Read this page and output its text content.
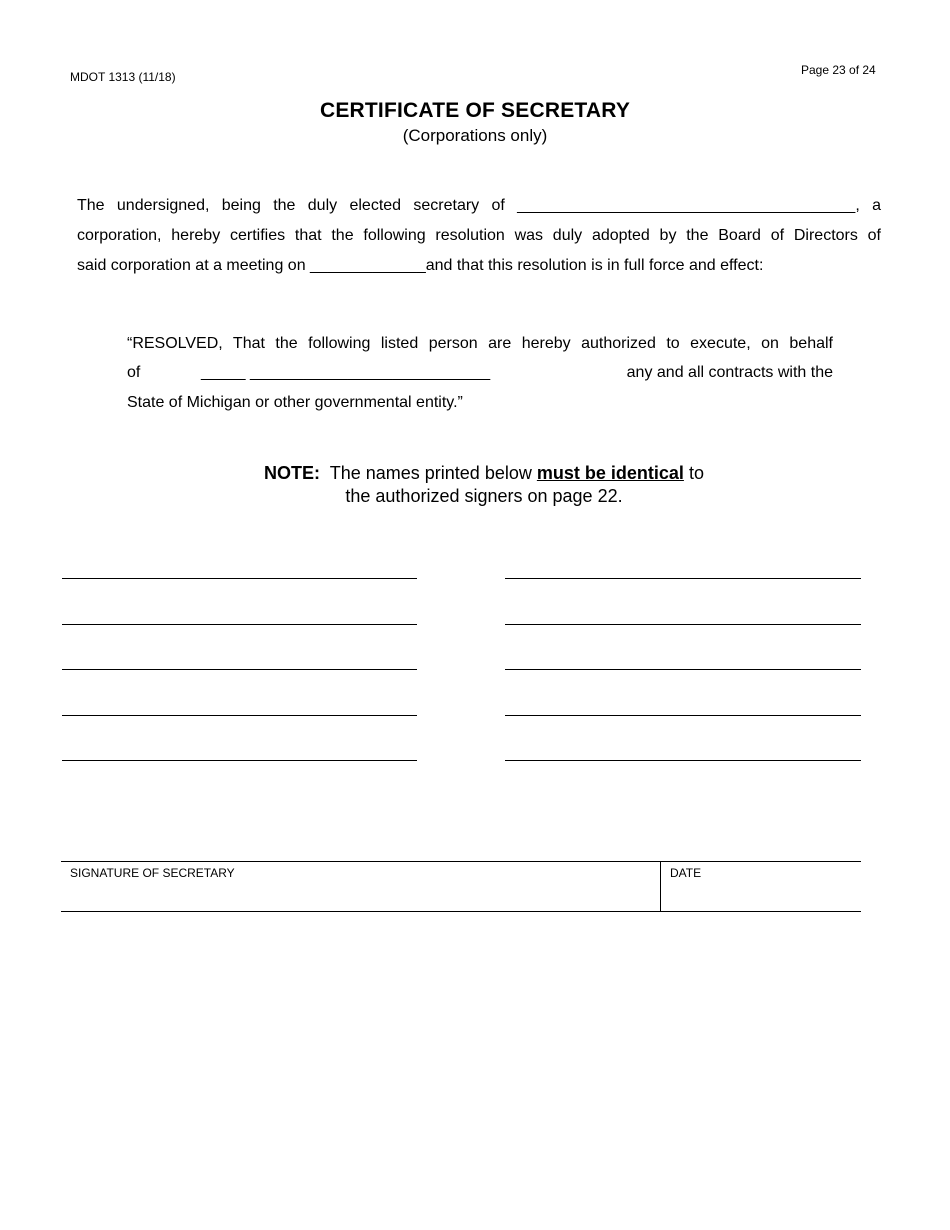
MDOT 1313 (11/18)	Page 23 of 24
CERTIFICATE OF SECRETARY
(Corporations only)
The undersigned, being the duly elected secretary of ______________________________________, a
corporation, hereby certifies that the following resolution was duly adopted by the Board of Directors of
said corporation at a meeting on _____________and that this resolution is in full force and effect:
“RESOLVED, That the following listed person are hereby authorized to execute, on behalf
of	_____ ___________________________	any and all contracts with the
State of Michigan or other governmental entity.”
NOTE: The names printed below must be identical to
the authorized signers on page 22.
SIGNATURE OF SECRETARY	DATE
